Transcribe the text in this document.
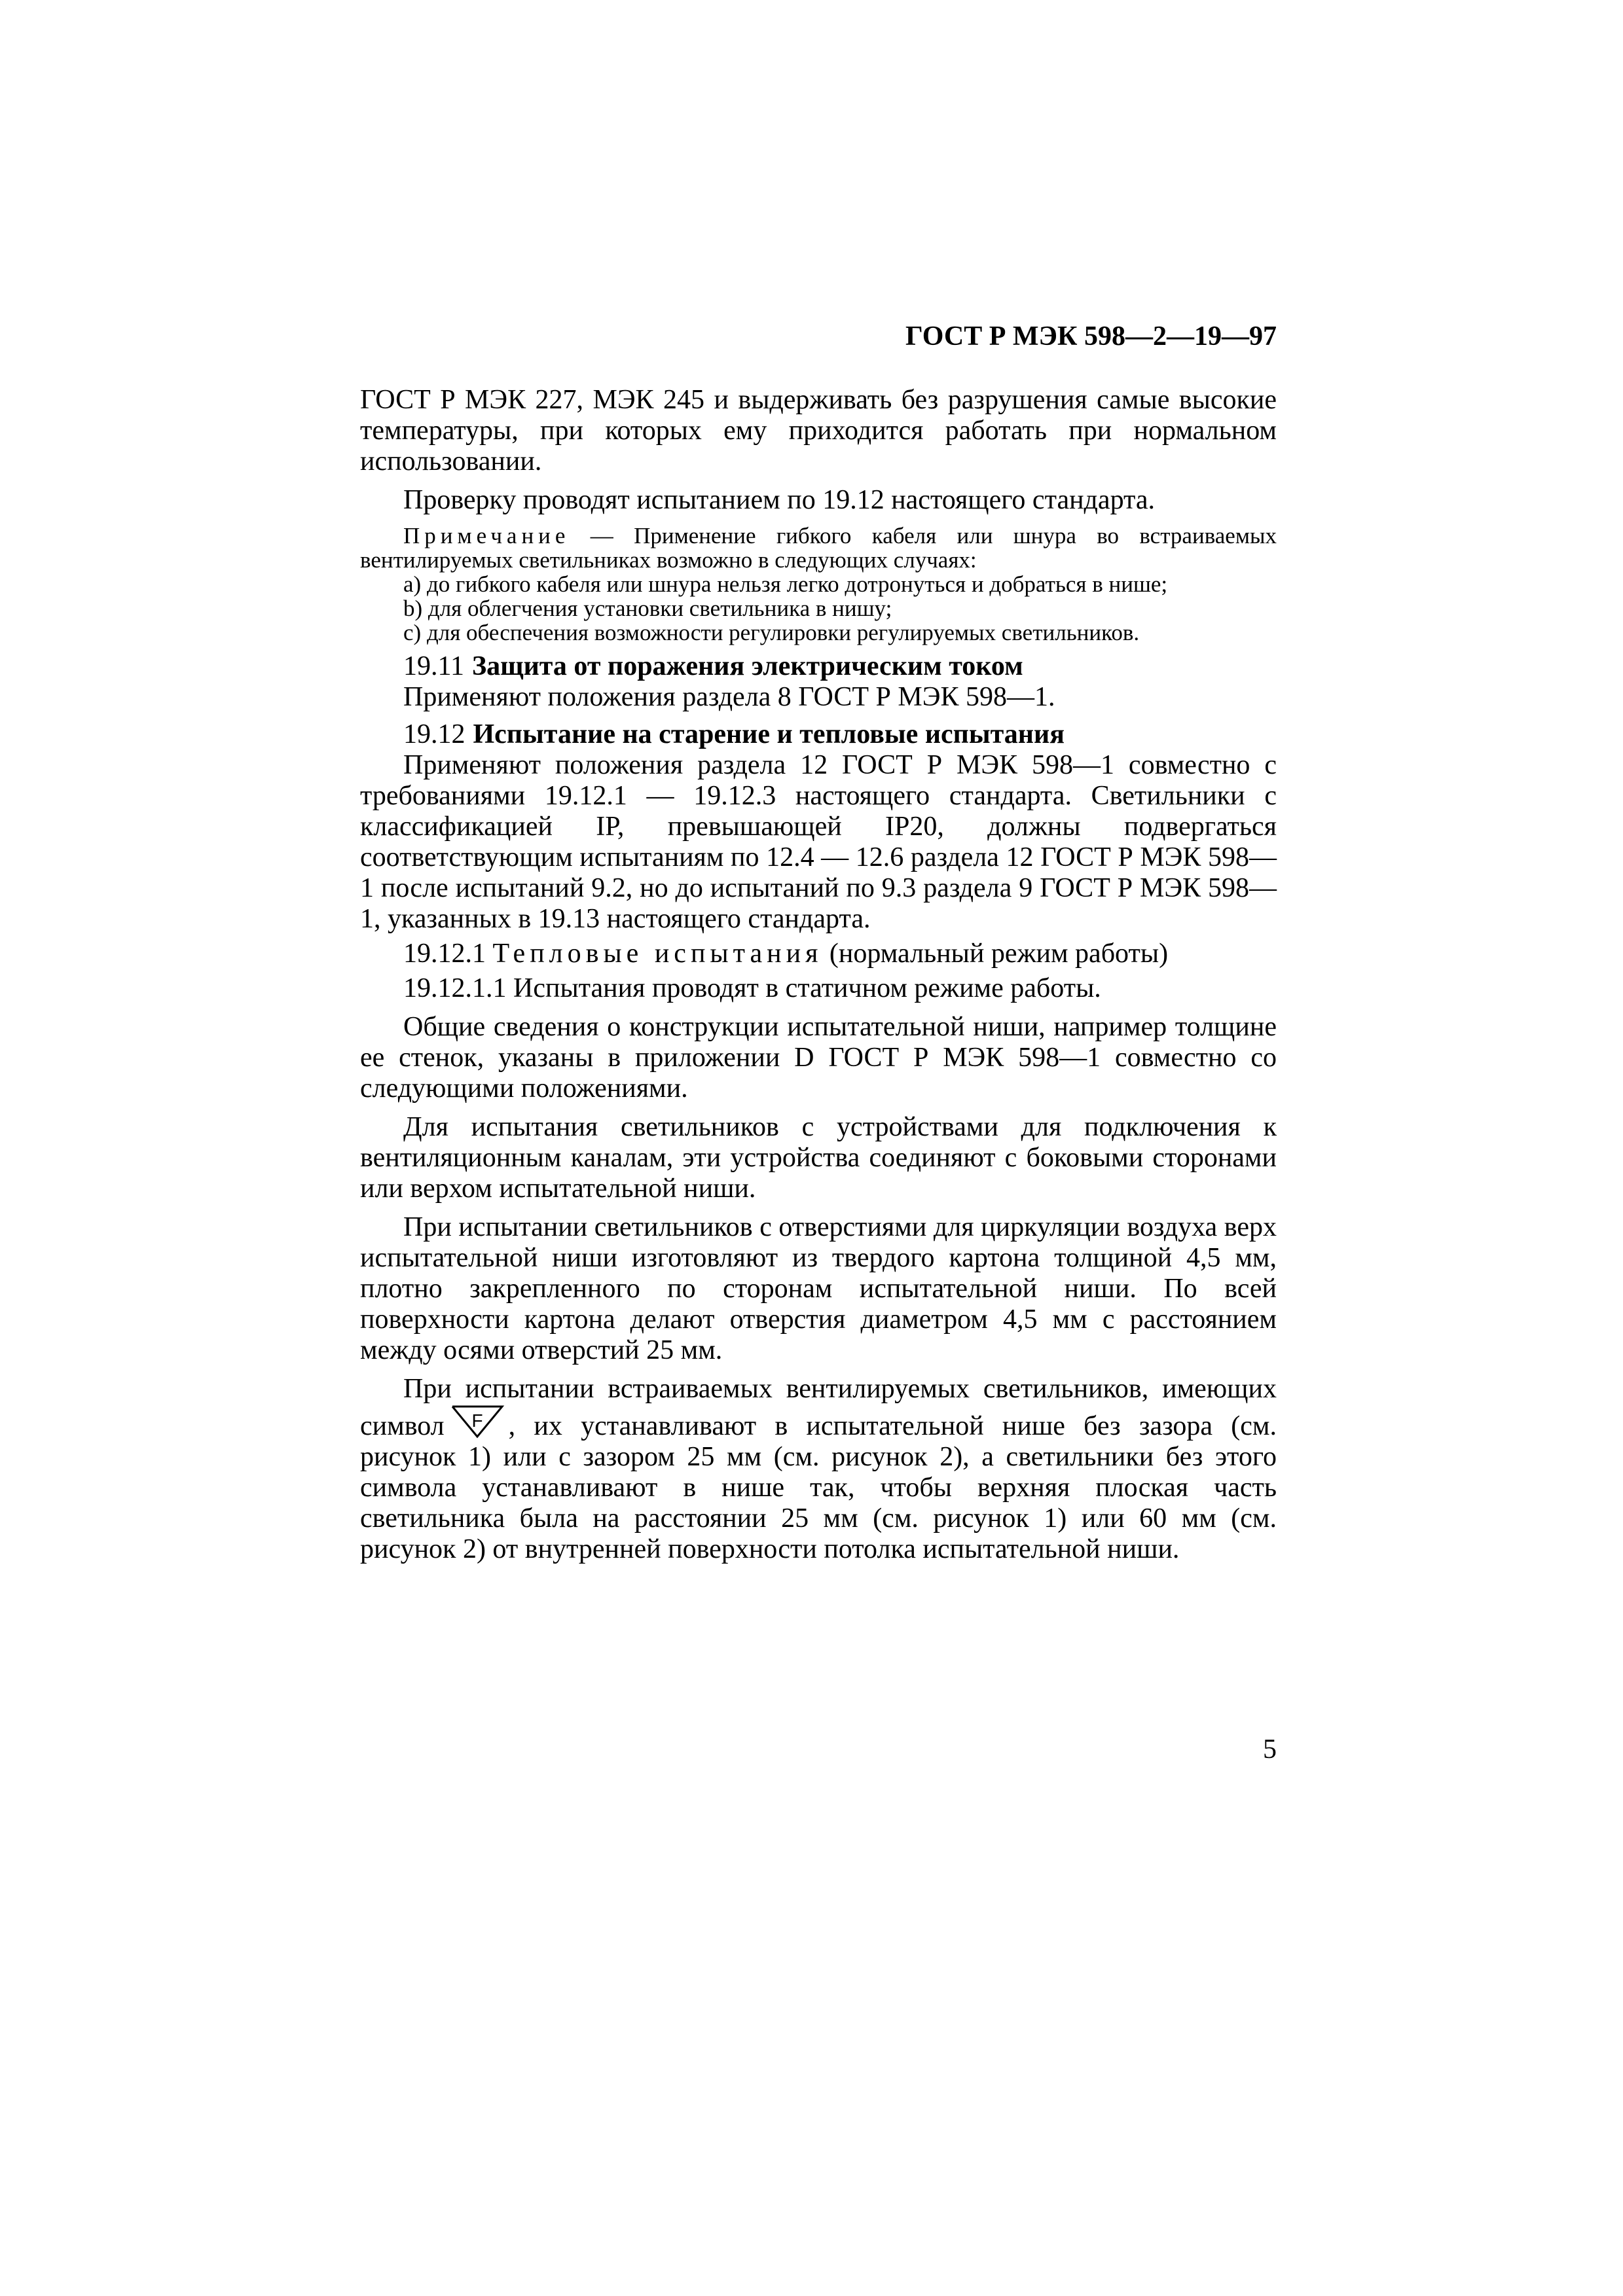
ГОСТ Р МЭК 598—2—19—97

ГОСТ Р МЭК 227, МЭК 245 и выдерживать без разрушения самые высокие температуры, при которых ему приходится работать при нормальном использовании.

Проверку проводят испытанием по 19.12 настоящего стандарта.

Примечание — Применение гибкого кабеля или шнура во встраиваемых вентилируемых светильниках возможно в следующих случаях:

a) до гибкого кабеля или шнура нельзя легко дотронуться и добраться в нише;

b) для облегчения установки светильника в нишу;

c) для обеспечения возможности регулировки регулируемых светильников.

19.11 Защита от поражения электрическим током

Применяют положения раздела 8 ГОСТ Р МЭК 598—1.

19.12 Испытание на старение и тепловые испытания

Применяют положения раздела 12 ГОСТ Р МЭК 598—1 совместно с требованиями 19.12.1 — 19.12.3 настоящего стандарта. Светильники с классификацией IP, превышающей IP20, должны подвергаться соответствующим испытаниям по 12.4 — 12.6 раздела 12 ГОСТ Р МЭК 598—1 после испытаний 9.2, но до испытаний по 9.3 раздела 9 ГОСТ Р МЭК 598—1, указанных в 19.13 настоящего стандарта.

19.12.1 Тепловые испытания (нормальный режим работы)

19.12.1.1 Испытания проводят в статичном режиме работы.

Общие сведения о конструкции испытательной ниши, например толщине ее стенок, указаны в приложении D ГОСТ Р МЭК 598—1 совместно со следующими положениями.

Для испытания светильников с устройствами для подключения к вентиляционным каналам, эти устройства соединяют с боковыми сторонами или верхом испытательной ниши.

При испытании светильников с отверстиями для циркуляции воздуха верх испытательной ниши изготовляют из твердого картона толщиной 4,5 мм, плотно закрепленного по сторонам испытательной ниши. По всей поверхности картона делают отверстия диаметром 4,5 мм с расстоянием между осями отверстий 25 мм.

При испытании встраиваемых вентилируемых светильников, имеющих символ F , их устанавливают в испытательной нише без зазора (см. рисунок 1) или с зазором 25 мм (см. рисунок 2), а светильники без этого символа устанавливают в нише так, чтобы верхняя плоская часть светильника была на расстоянии 25 мм (см. рисунок 1) или 60 мм (см. рисунок 2) от внутренней поверхности потолка испытательной ниши.

5
